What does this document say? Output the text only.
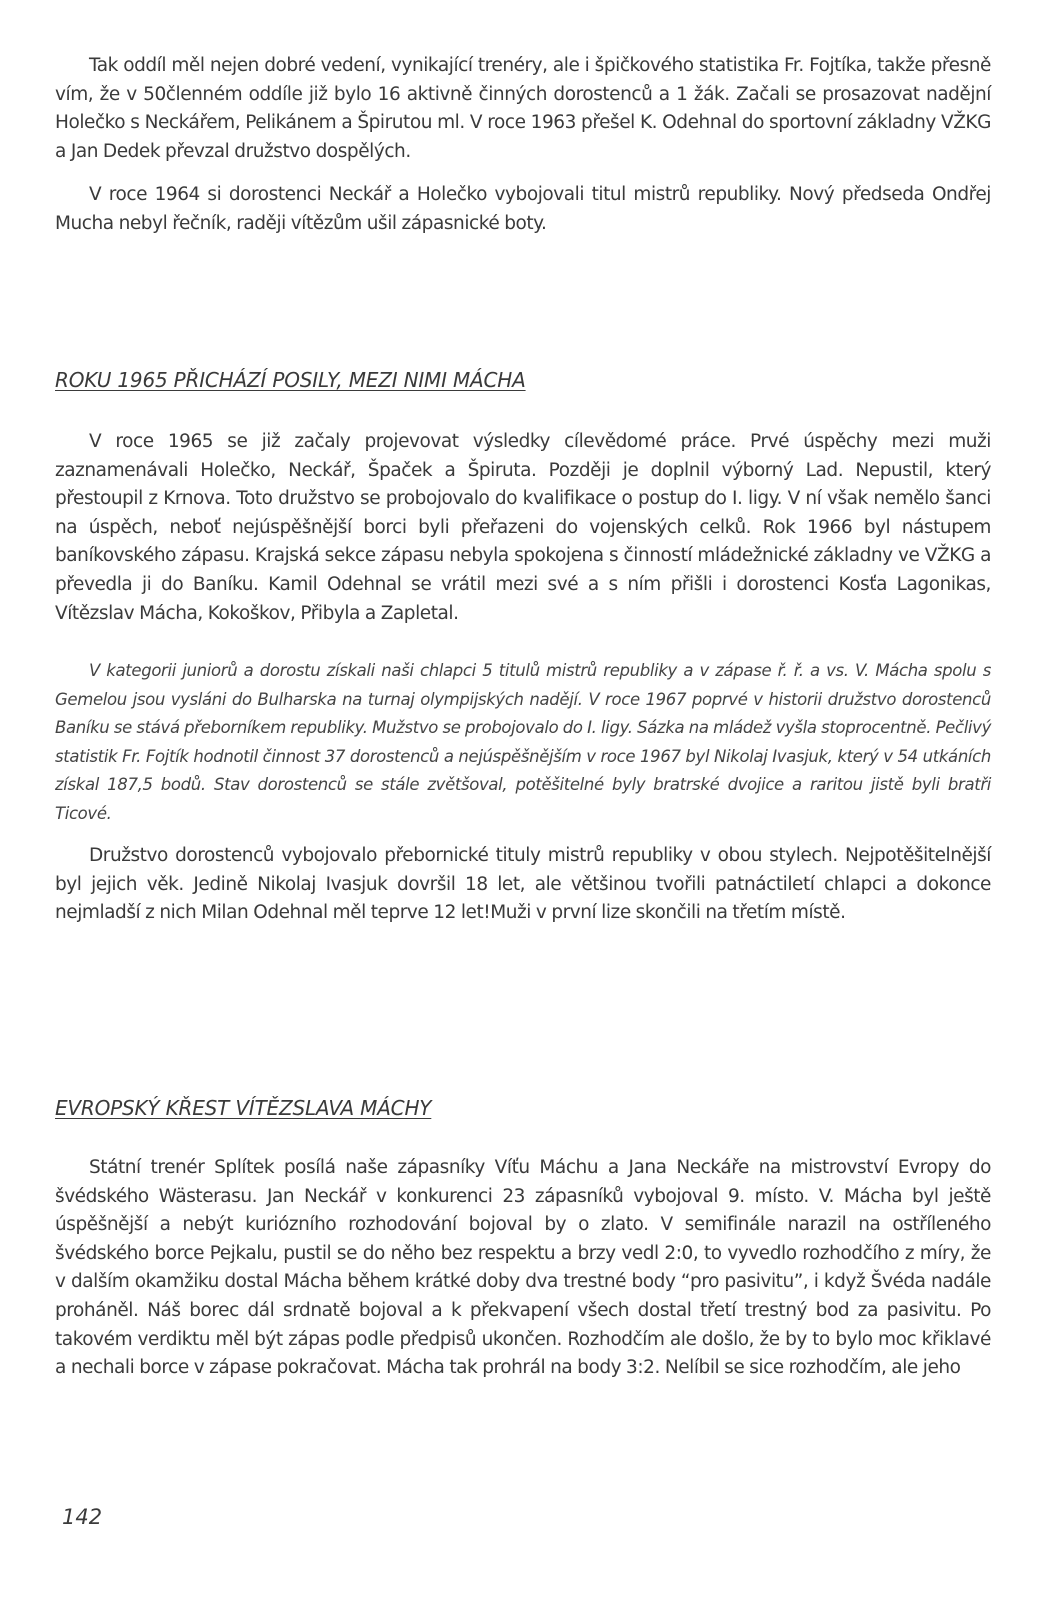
Tak oddíl měl nejen dobré vedení, vynikající trenéry, ale i špičkového statistika Fr. Fojtíka, takže přesně vím, že v 50členném oddíle již bylo 16 aktivně činných dorostenců a 1 žák. Začali se prosazovat nadějní Holečko s Neckářem, Pelikánem a Špirutou ml. V roce 1963 přešel K. Odehnal do sportovní základny VŽKG a Jan Dedek převzal družstvo dospělých.

V roce 1964 si dorostenci Neckář a Holečko vybojovali titul mistrů republiky. Nový předseda Ondřej Mucha nebyl řečník, raději vítězům ušil zápasnické boty.

ROKU 1965 PŘICHÁZÍ POSILY, MEZI NIMI MÁCHA

V roce 1965 se již začaly projevovat výsledky cílevědomé práce. Prvé úspěchy mezi muži zaznamenávali Holečko, Neckář, Špaček a Špiruta. Později je doplnil výborný Lad. Nepustil, který přestoupil z Krnova. Toto družstvo se probojovalo do kvalifikace o postup do I. ligy. V ní však nemělo šanci na úspěch, neboť nejúspěšnější borci byli přeřazeni do vojenských celků. Rok 1966 byl nástupem baníkovského zápasu. Krajská sekce zápasu nebyla spokojena s činností mládežnické základny ve VŽKG a převedla ji do Baníku. Kamil Odehnal se vrátil mezi své a s ním přišli i dorostenci Kosťa Lagonikas, Vítězslav Mácha, Kokoškov, Přibyla a Zapletal.

V kategorii juniorů a dorostu získali naši chlapci 5 titulů mistrů republiky a v zápase ř. ř. a vs. V. Mácha spolu s Gemelou jsou vysláni do Bulharska na turnaj olympijských nadějí. V roce 1967 poprvé v historii družstvo dorostenců Baníku se stává přeborníkem republiky. Mužstvo se probojovalo do I. ligy. Sázka na mládež vyšla stoprocentně. Pečlivý statistik Fr. Fojtík hodnotil činnost 37 dorostenců a nejúspěšnějším v roce 1967 byl Nikolaj Ivasjuk, který v 54 utkáních získal 187,5 bodů. Stav dorostenců se stále zvětšoval, potěšitelné byly bratrské dvojice a raritou jistě byli bratři Ticové.

Družstvo dorostenců vybojovalo přebornické tituly mistrů republiky v obou stylech. Nejpotěšitelnější byl jejich věk. Jedině Nikolaj Ivasjuk dovršil 18 let, ale většinou tvořili patnáctiletí chlapci a dokonce nejmladší z nich Milan Odehnal měl teprve 12 let!Muži v první lize skončili na třetím místě.

EVROPSKÝ KŘEST VÍTĚZSLAVA MÁCHY

Státní trenér Splítek posílá naše zápasníky Víťu Máchu a Jana Neckáře na mistrovství Evropy do švédského Wästerasu. Jan Neckář v konkurenci 23 zápasníků vybojoval 9. místo. V. Mácha byl ještě úspěšnější a nebýt kuriózního rozhodování bojoval by o zlato. V semifinále narazil na ostříleného švédského borce Pejkalu, pustil se do něho bez respektu a brzy vedl 2:0, to vyvedlo rozhodčího z míry, že v dalším okamžiku dostal Mácha během krátké doby dva trestné body “pro pasivitu”, i když Švéda nadále proháněl. Náš borec dál srdnatě bojoval a k překvapení všech dostal třetí trestný bod za pasivitu. Po takovém verdiktu měl být zápas podle předpisů ukončen. Rozhodčím ale došlo, že by to bylo moc křiklavé a nechali borce v zápase pokračovat. Mácha tak prohrál na body 3:2. Nelíbil se sice rozhodčím, ale jeho

142
